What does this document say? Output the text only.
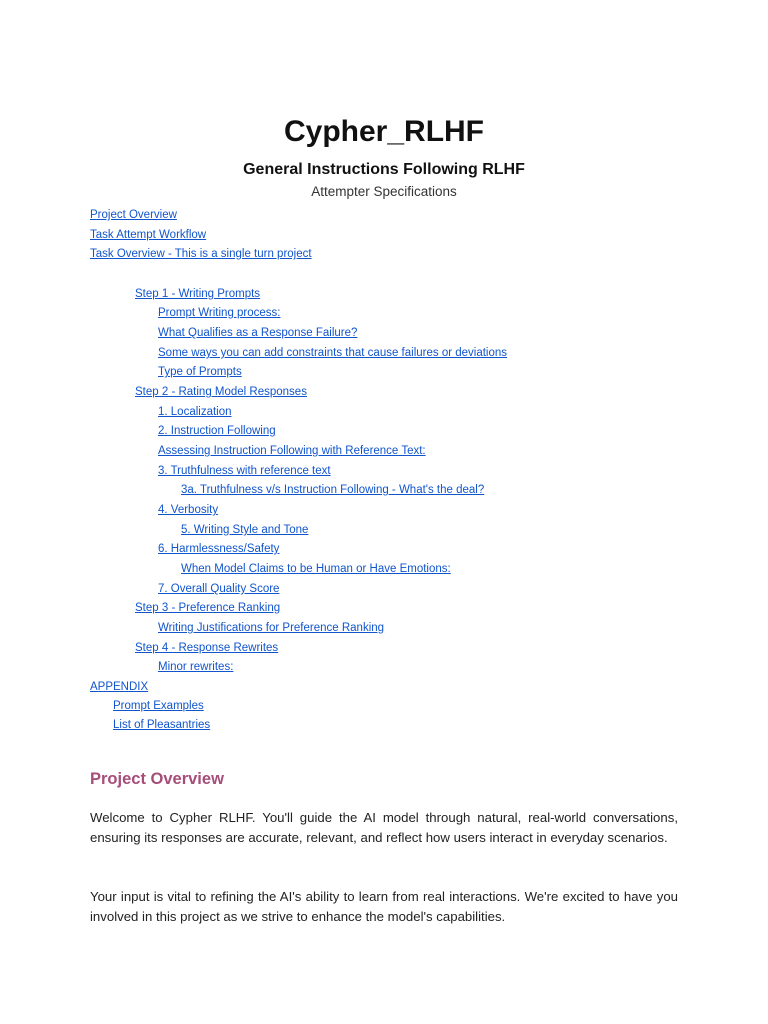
Cypher_RLHF
General Instructions Following RLHF
Attempter Specifications
Project Overview
Task Attempt Workflow
Task Overview - This is a single turn project
Step 1 - Writing Prompts
Prompt Writing process:
What Qualifies as a Response Failure?
Some ways you can add constraints that cause failures or deviations
Type of Prompts
Step 2 - Rating Model Responses
1. Localization
2. Instruction Following
Assessing Instruction Following with Reference Text:
3. Truthfulness with reference text
3a. Truthfulness v/s Instruction Following - What's the deal?
4. Verbosity
5. Writing Style and Tone
6. Harmlessness/Safety
When Model Claims to be Human or Have Emotions:
7. Overall Quality Score
Step 3 - Preference Ranking
Writing Justifications for Preference Ranking
Step 4 - Response Rewrites
Minor rewrites:
APPENDIX
Prompt Examples
List of Pleasantries
Project Overview

Welcome to Cypher RLHF. You'll guide the AI model through natural, real-world conversations, ensuring its responses are accurate, relevant, and reflect how users interact in everyday scenarios.

Your input is vital to refining the AI's ability to learn from real interactions. We're excited to have you involved in this project as we strive to enhance the model's capabilities.
